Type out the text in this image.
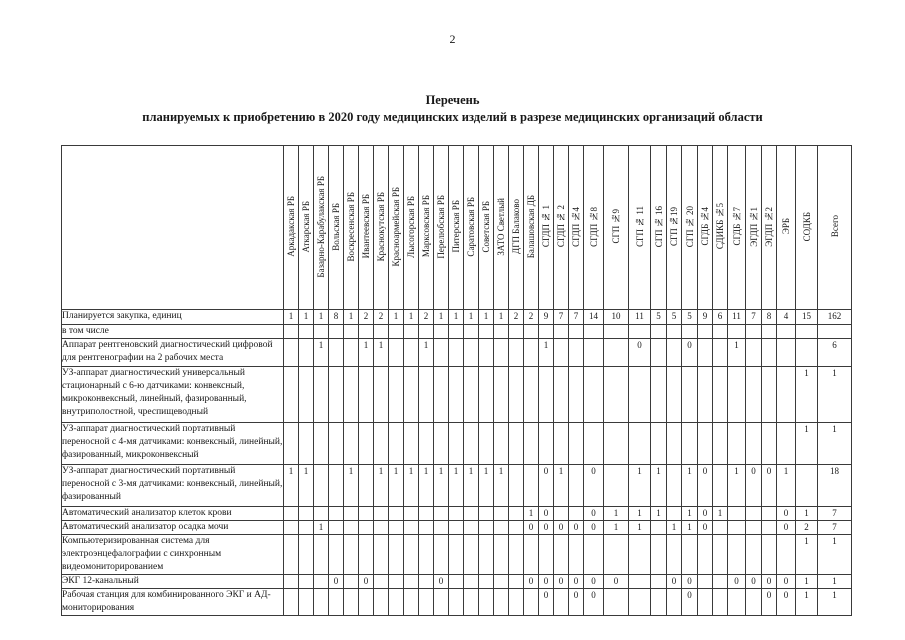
2
Перечень
планируемых к приобретению в 2020 году медицинских изделий в разрезе медицинских организаций области
	Аркадакская РБ	Аткарская РБ	Базарно-Карабулакская РБ	Вольская РБ	Воскресенская РБ	Ивантеевская РБ	Краснокутская РБ	Красноармейская РБ	Лысогорская РБ	Марксовская РБ	Перелюбская РБ	Питерская РБ	Саратовская РБ	Советская РБ	ЗАТО Светлый	ДГП Балаково	Балашовская ДБ	СГДП № 1	СГДП № 2	СГДП №4	СГДП №8	СГП №9	СГП № 11	СГП № 16	СГП №19	СГП № 20	СГДБ №4	СДИКБ №5	СГДБ №7	ЭГДП №1	ЭГДП №2	ЭРБ	СОДКБ	Всего
Планируется закупка, единиц	1	1	1	8	1	2	2	1	1	2	1	1	1	1	1	2	2	9	7	7	14	10	11	5	5	5	9	6	11	7	8	4	15	162
в том числе																																		
Аппарат рентгеновский диагностический цифровой для рентгенографии на 2 рабочих места			1			1	1			1								1					0			0			1					6
УЗ-аппарат диагностический универсальный стационарный с 6-ю датчиками: конвексный, микроконвексный, линейный, фазированный, внутриполостной, чреспищеводный																																	1	1
УЗ-аппарат диагностический портативный переносной с 4-мя датчиками: конвексный, линейный, фазированный, микроконвексный																																	1	1
УЗ-аппарат диагностический портативный переносной с 3-мя датчиками: конвексный, линейный, фазированный	1	1			1		1	1	1	1	1	1	1	1	1			0	1		0		1	1		1	0		1	0	0	1		18
Автоматический анализатор клеток крови																	1	0			0	1	1	1		1	0	1				0	1	7
Автоматический анализатор осадка мочи			1														0	0	0	0	0	1	1		1	1	0					0	2	7
Компьютеризированная система для электроэнцефалографии с синхронным видеомониторированием																																	1	1
ЭКГ 12-канальный				0		0					0						0	0	0	0	0	0			0	0			0	0	0	0	1	1
Рабочая станция для комбинированного ЭКГ и АД-мониторирования																		0		0	0					0					0	0	1	1
